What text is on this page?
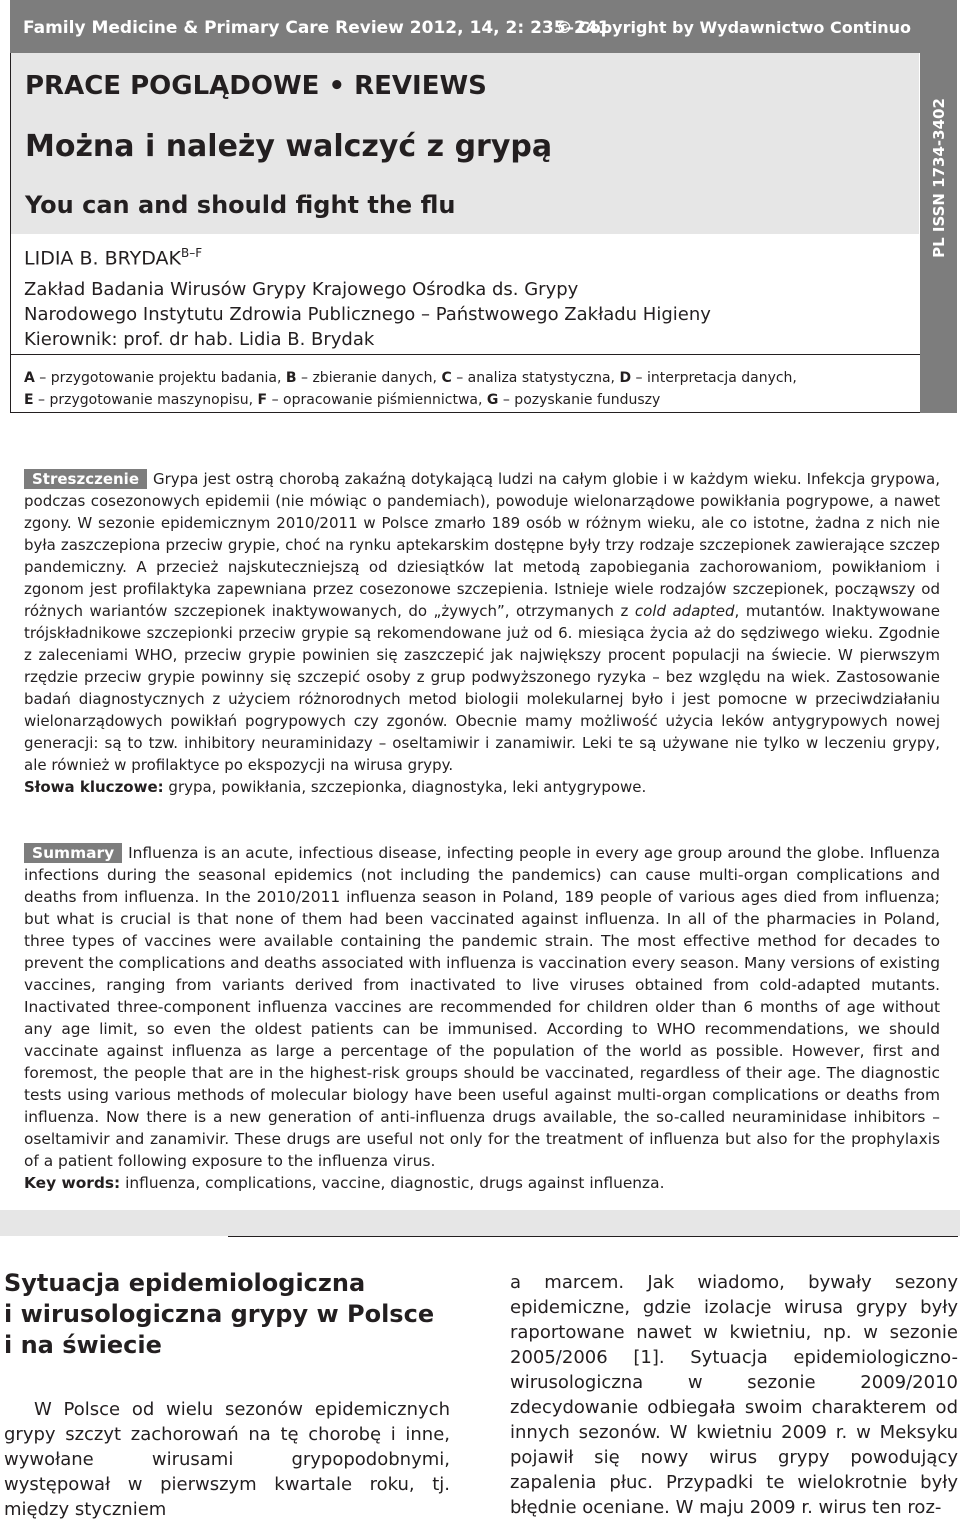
Family Medicine & Primary Care Review 2012, 14, 2: 235–241
© Copyright by Wydawnictwo Continuo
PRACE POGLĄDOWE • REVIEWS
Można i należy walczyć z grypą
You can and should fight the flu	PL ISSN 1734-3402
LIDIA B. $BRYDAK^{B-F}$
Zakład Badania Wirusów Grypy Krajowego Ośrodka ds. Grypy
Narodowego Instytutu Zdrowia Publicznego – Państwowego Zakładu Higieny
Kierownik: prof. dr hab. Lidia B. Brydak
A – przygotowanie projektu badania, B – zbieranie danych, C – analiza statystyczna, D – interpretacja danych,
E – przygotowanie maszynopisu, F – opracowanie piśmiennictwa, G – pozyskanie funduszy
Streszczenie Grypa jest ostrą chorobą zakaźną dotykającą ludzi na całym globie i w każdym wieku. Infekcja grypowa, podczas cosezonowych epidemii (nie mówiąc o pandemiach), powoduje wielonarządowe powikłania pogrypowe, a nawet zgony. W sezonie epidemicznym 2010/2011 w Polsce zmarło 189 osób w różnym wieku, ale co istotne, żadna z nich nie była zaszczepiona przeciw grypie, choć na rynku aptekarskim dostępne były trzy rodzaje szczepionek zawierające szczep pandemiczny. A przecież najskuteczniejszą od dziesiątków lat metodą zapobiegania zachorowaniom, powikłaniom i zgonom jest profilaktyka zapewniana przez cosezonowe szczepienia. Istnieje wiele rodzajów szczepionek, począwszy od różnych wariantów szczepionek inaktywowanych, do „żywych”, otrzymanych z cold adapted, mutantów. Inaktywowane trójskładnikowe szczepionki przeciw grypie są rekomendowane już od 6. miesiąca życia aż do sędziwego wieku. Zgodnie z zaleceniami WHO, przeciw grypie powinien się zaszczepić jak największy procent populacji na świecie. W pierwszym rzędzie przeciw grypie powinny się szczepić osoby z grup podwyższonego ryzyka – bez względu na wiek. Zastosowanie badań diagnostycznych z użyciem różnorodnych metod biologii molekularnej było i jest pomocne w przeciwdziałaniu wielonarządowych powikłań pogrypowych czy zgonów. Obecnie mamy możliwość użycia leków antygrypowych nowej generacji: są to tzw. inhibitory neuraminidazy – oseltamiwir i zanamiwir. Leki te są używane nie tylko w leczeniu grypy, ale również w profilaktyce po ekspozycji na wirusa grypy.
Słowa kluczowe: grypa, powikłania, szczepionka, diagnostyka, leki antygrypowe.
Summary Influenza is an acute, infectious disease, infecting people in every age group around the globe. Influenza infections during the seasonal epidemics (not including the pandemics) can cause multi-organ complications and deaths from influenza. In the 2010/2011 influenza season in Poland, 189 people of various ages died from influenza; but what is crucial is that none of them had been vaccinated against influenza. In all of the pharmacies in Poland, three types of vaccines were available containing the pandemic strain. The most effective method for decades to prevent the complications and deaths associated with influenza is vaccination every season. Many versions of existing vaccines, ranging from variants derived from inactivated to live viruses obtained from cold-adapted mutants. Inactivated three-component influenza vaccines are recommended for children older than 6 months of age without any age limit, so even the oldest patients can be immunised. According to WHO recommendations, we should vaccinate against influenza as large a percentage of the population of the world as possible. However, first and foremost, the people that are in the highest-risk groups should be vaccinated, regardless of their age. The diagnostic tests using various methods of molecular biology have been useful against multi-organ complications or deaths from influenza. Now there is a new generation of anti-influenza drugs available, the so-called neuraminidase inhibitors – oseltamivir and zanamivir. These drugs are useful not only for the treatment of influenza but also for the prophylaxis of a patient following exposure to the influenza virus.
Key words: influenza, complications, vaccine, diagnostic, drugs against influenza.
Sytuacja epidemiologiczna
i wirusologiczna grypy w Polsce
i na świecie
W Polsce od wielu sezonów epidemicznych grypy szczyt zachorowań na tę chorobę i inne, wywołane wirusami grypopodobnymi, występował w pierwszym kwartale roku, tj. między styczniem
a marcem. Jak wiadomo, bywały sezony epidemiczne, gdzie izolacje wirusa grypy były raportowane nawet w kwietniu, np. w sezonie 2005/2006 [1]. Sytuacja epidemiologiczno-wirusologiczna w sezonie 2009/2010 zdecydowanie odbiegała swoim charakterem od innych sezonów. W kwietniu 2009 r. w Meksyku pojawił się nowy wirus grypy powodujący zapalenia płuc. Przypadki te wielokrotnie były błędnie oceniane. W maju 2009 r. wirus ten roz-
